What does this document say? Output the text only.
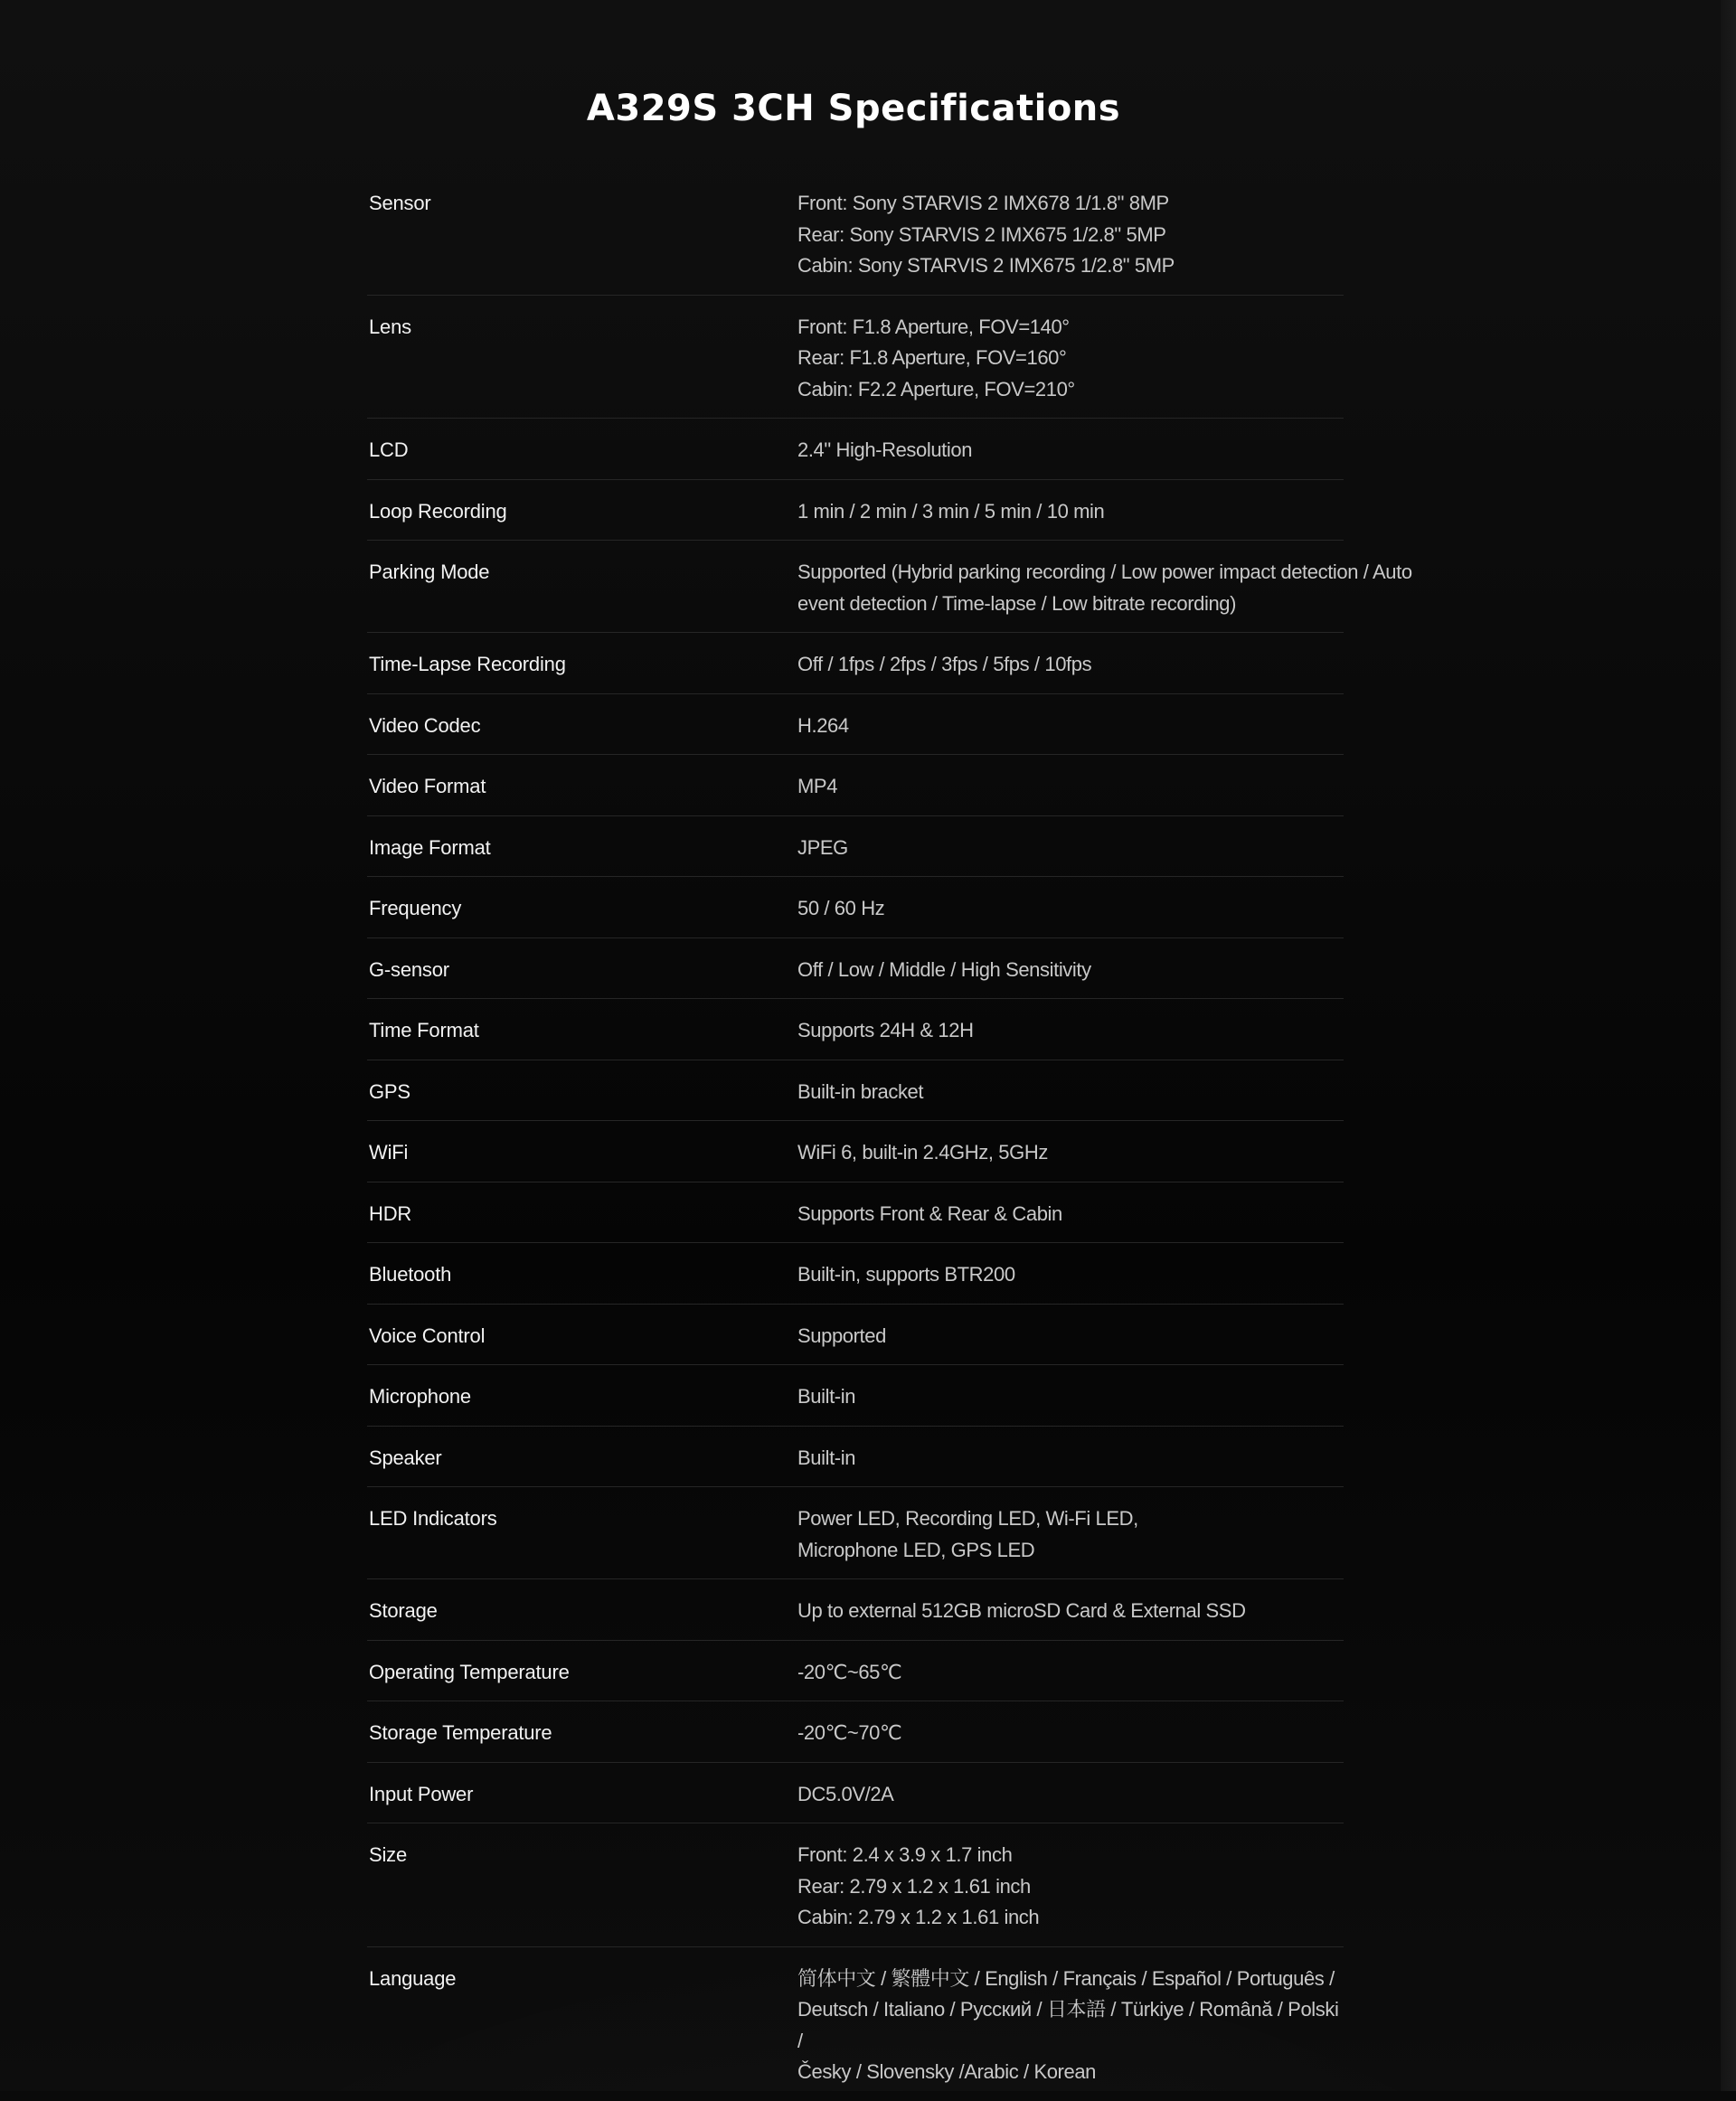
A329S 3CH Specifications
Sensor	Front: Sony STARVIS 2 IMX678 1/1.8" 8MP
Rear: Sony STARVIS 2 IMX675 1/2.8" 5MP
Cabin: Sony STARVIS 2 IMX675 1/2.8" 5MP
Lens	Front: F1.8 Aperture, FOV=140°
Rear: F1.8 Aperture, FOV=160°
Cabin: F2.2 Aperture, FOV=210°
LCD	2.4" High-Resolution
Loop Recording	1 min / 2 min / 3 min / 5 min / 10 min
Parking Mode	Supported (Hybrid parking recording / Low power impact detection / Auto
event detection / Time-lapse / Low bitrate recording)
Time-Lapse Recording	Off / 1fps / 2fps / 3fps / 5fps / 10fps
Video Codec	H.264
Video Format	MP4
Image Format	JPEG
Frequency	50 / 60 Hz
G-sensor	Off / Low / Middle / High Sensitivity
Time Format	Supports 24H & 12H
GPS	Built-in bracket
WiFi	WiFi 6, built-in 2.4GHz, 5GHz
HDR	Supports Front & Rear & Cabin
Bluetooth	Built-in, supports BTR200
Voice Control	Supported
Microphone	Built-in
Speaker	Built-in
LED Indicators	Power LED, Recording LED, Wi-Fi LED,
Microphone LED, GPS LED
Storage	Up to external 512GB microSD Card & External SSD
Operating Temperature	-20℃~65℃
Storage Temperature	-20℃~70℃
Input Power	DC5.0V/2A
Size	Front: 2.4 x 3.9 x 1.7 inch
Rear: 2.79 x 1.2 x 1.61 inch
Cabin: 2.79 x 1.2 x 1.61 inch
Language	简体中文 / 繁體中文 / English / Français / Español / Português /
Deutsch / Italiano / Русский / 日本語 / Türkiye / Română / Polski /
Česky / Slovensky /Arabic / Korean
